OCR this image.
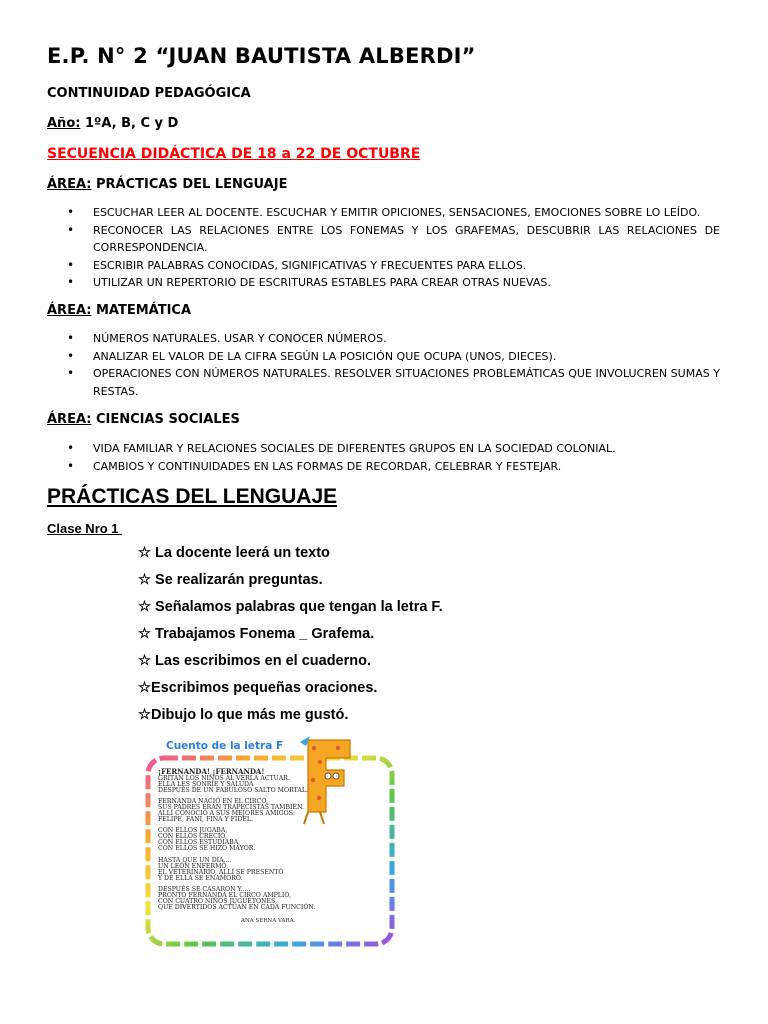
E.P. N° 2 “JUAN BAUTISTA ALBERDI”
CONTINUIDAD PEDAGÓGICA
Año: 1ºA, B, C y D
SECUENCIA DIDÁCTICA DE 18 a 22 DE OCTUBRE
ÁREA: PRÁCTICAS DEL LENGUAJE
• ESCUCHAR LEER AL DOCENTE. ESCUCHAR Y EMITIR OPICIONES, SENSACIONES, EMOCIONES SOBRE LO LEÍDO.
• RECONOCER LAS RELACIONES ENTRE LOS FONEMAS Y LOS GRAFEMAS, DESCUBRIR LAS RELACIONES DE CORRESPONDENCIA.
• ESCRIBIR PALABRAS CONOCIDAS, SIGNIFICATIVAS Y FRECUENTES PARA ELLOS.
• UTILIZAR UN REPERTORIO DE ESCRITURAS ESTABLES PARA CREAR OTRAS NUEVAS.
ÁREA: MATEMÁTICA
• NÚMEROS NATURALES. USAR Y CONOCER NÚMEROS.
• ANALIZAR EL VALOR DE LA CIFRA SEGÚN LA POSICIÓN QUE OCUPA (UNOS, DIECES).
• OPERACIONES CON NÚMEROS NATURALES. RESOLVER SITUACIONES PROBLEMÁTICAS QUE INVOLUCREN SUMAS Y RESTAS.
ÁREA: CIENCIAS SOCIALES
• VIDA FAMILIAR Y RELACIONES SOCIALES DE DIFERENTES GRUPOS EN LA SOCIEDAD COLONIAL.
• CAMBIOS Y CONTINUIDADES EN LAS FORMAS DE RECORDAR, CELEBRAR Y FESTEJAR.
PRÁCTICAS DEL LENGUAJE
Clase Nro 1
☆ La docente leerá un texto
☆ Se realizarán preguntas.
☆ Señalamos palabras que tengan la letra F.
☆ Trabajamos Fonema _ Grafema.
☆ Las escribimos en el cuaderno.
☆Escribimos pequeñas oraciones.
☆Dibujo lo que más me gustó.
Cuento de la letra F
¡FERNANDA! ¡FERNANDA!
GRITAN LOS NIÑOS AL VERLA ACTUAR.
ELLA LES SONRÍE Y SALUDA
DESPUÉS DE UN FABULOSO SALTO MORTAL.
FERNANDA NACIÓ EN EL CIRCO,
SUS PADRES ERAN TRAPECISTAS TAMBIÉN.
ALLÍ CONOCIÓ A SUS MEJORES AMIGOS:
FELIPE, FANI, FINA Y FIDEL.
CON ELLOS JUGABA,
CON ELLOS CRECIÓ,
CON ELLOS ESTUDIABA,
CON ELLOS SE HIZO MAYOR.
HASTA QUE UN DÍA....
UN LEÓN ENFERMÓ,
EL VETERINARIO, ALLÍ SE PRESENTÓ
Y DE ELLA SE ENAMORÓ.
DESPUÉS SE CASARON Y.....
PRONTO FERNANDA EL CIRCO AMPLIÓ,
CON CUATRO NIÑOS JUGUETONES,
QUE DIVERTIDOS ACTÚAN EN CADA FUNCIÓN.
ANA SERNA VARA.
